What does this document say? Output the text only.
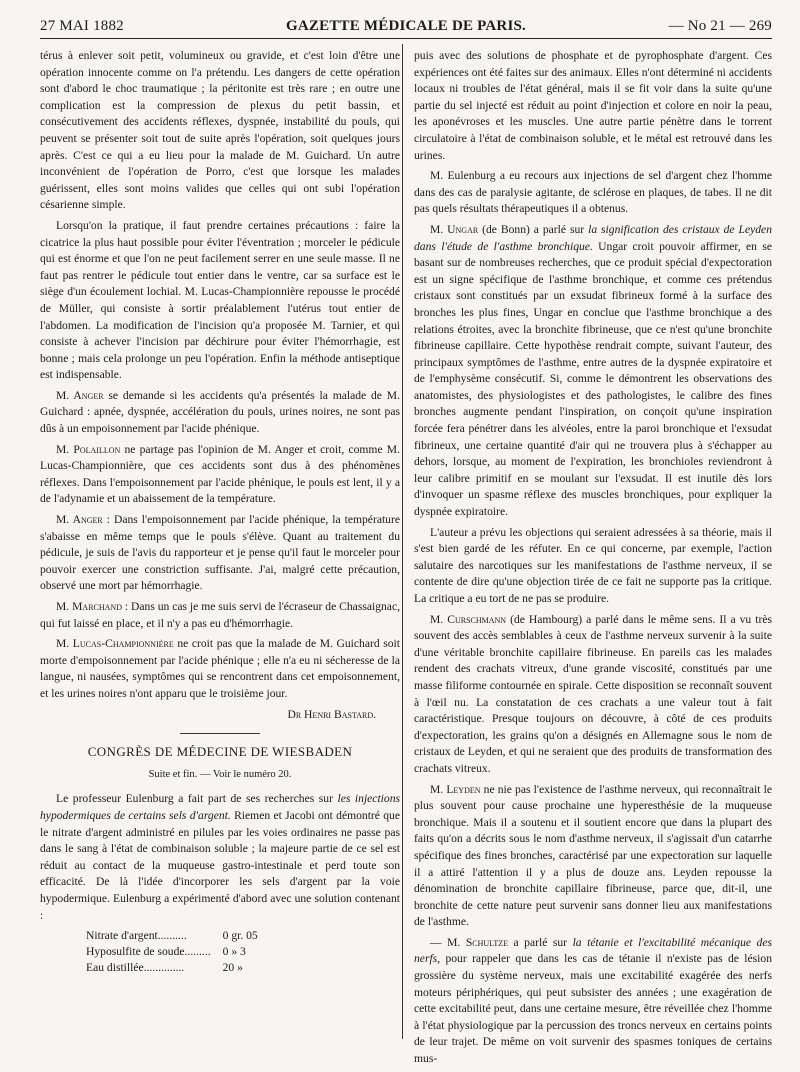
27 MAI 1882	GAZETTE MÉDICALE DE PARIS.	— No 21 — 269

térus à enlever soit petit, volumineux ou gravide, et c'est loin d'être une opération innocente comme on l'a prétendu. Les dangers de cette opération sont d'abord le choc traumatique ; la péritonite est très rare ; en outre une complication est la compression de plexus du petit bassin, et consécutivement des accidents réflexes, dyspnée, instabilité du pouls, qui peuvent se présenter soit tout de suite après l'opération, soit quelques jours après. C'est ce qui a eu lieu pour la malade de M. Guichard. Un autre inconvénient de l'opération de Porro, c'est que lorsque les malades guérissent, elles sont moins valides que celles qui ont subi l'opération césarienne simple.

Lorsqu'on la pratique, il faut prendre certaines précautions : faire la cicatrice la plus haut possible pour éviter l'éventration ; morceler le pédicule qui est énorme et que l'on ne peut facilement serrer en une seule masse. Il ne faut pas rentrer le pédicule tout entier dans le ventre, car sa surface est le siège d'un écoulement lochial. M. Lucas-Championnière repousse le procédé de Müller, qui consiste à sortir préalablement l'utérus tout entier de l'abdomen. La modification de l'incision qu'a proposée M. Tarnier, et qui consiste à achever l'incision par déchirure pour éviter l'hémorrhagie, est bonne ; mais cela prolonge un peu l'opération. Enfin la méthode antiseptique est indispensable.

M. Anger se demande si les accidents qu'a présentés la malade de M. Guichard : apnée, dyspnée, accélération du pouls, urines noires, ne sont pas dûs à un empoisonnement par l'acide phénique.

M. Polaillon ne partage pas l'opinion de M. Anger et croit, comme M. Lucas-Championnière, que ces accidents sont dus à des phénomènes réflexes. Dans l'empoisonnement par l'acide phénique, le pouls est lent, il y a de l'adynamie et un abaissement de la température.

M. Anger : Dans l'empoisonnement par l'acide phénique, la température s'abaisse en même temps que le pouls s'élève. Quant au traitement du pédicule, je suis de l'avis du rapporteur et je pense qu'il faut le morceler pour pouvoir exercer une constriction suffisante. J'ai, malgré cette précaution, observé une mort par hémorrhagie.

M. Marchand : Dans un cas je me suis servi de l'écraseur de Chassaignac, qui fut laissé en place, et il n'y a pas eu d'hémorrhagie.

M. Lucas-Championnière ne croit pas que la malade de M. Guichard soit morte d'empoisonnement par l'acide phénique ; elle n'a eu ni sécheresse de la langue, ni nausées, symptômes qui se rencontrent dans cet empoisonnement, et les urines noires n'ont apparu que le troisième jour.

Dr Henri Bastard.
CONGRÈS DE MÉDECINE DE WIESBADEN
Suite et fin. — Voir le numéro 20.

Le professeur Eulenburg a fait part de ses recherches sur les injections hypodermiques de certains sels d'argent. Riemen et Jacobi ont démontré que le nitrate d'argent administré en pilules par les voies ordinaires ne passe pas dans le sang à l'état de combinaison soluble ; la majeure partie de ce sel est réduit au contact de la muqueuse gastro-intestinale et perd toute son efficacité. De là l'idée d'incorporer les sels d'argent par la voie hypodermique. Eulenburg a expérimenté d'abord avec une solution contenant :

Nitrate d'argent..........	0 gr. 05
Hyposulfite de soude.........	0 » 3
Eau distillée..............	20 »

puis avec des solutions de phosphate et de pyrophosphate d'argent. Ces expériences ont été faites sur des animaux. Elles n'ont déterminé ni accidents locaux ni troubles de l'état général, mais il se fit voir dans la suite qu'une partie du sel injecté est réduit au point d'injection et colore en noir la peau, les aponévroses et les muscles. Une autre partie pénètre dans le torrent circulatoire à l'état de combinaison soluble, et le métal est retrouvé dans les urines.

M. Eulenburg a eu recours aux injections de sel d'argent chez l'homme dans des cas de paralysie agitante, de sclérose en plaques, de tabes. Il ne dit pas quels résultats thérapeutiques il a obtenus.

M. Ungar (de Bonn) a parlé sur la signification des cristaux de Leyden dans l'étude de l'asthme bronchique. Ungar croit pouvoir affirmer, en se basant sur de nombreuses recherches, que ce produit spécial d'expectoration est un signe spécifique de l'asthme bronchique, et comme ces prétendus cristaux sont constitués par un exsudat fibrineux formé à la surface des bronches les plus fines, Ungar en conclue que l'asthme bronchique a des relations étroites, avec la bronchite fibrineuse, que ce n'est qu'une bronchite fibrineuse capillaire. Cette hypothèse rendrait compte, suivant l'auteur, des principaux symptômes de l'asthme, entre autres de la dyspnée expiratoire et de l'emphysème consécutif. Si, comme le démontrent les observations des anatomistes, des physiologistes et des pathologistes, le calibre des fines bronches augmente pendant l'inspiration, on conçoit qu'une inspiration forcée fera pénétrer dans les alvéoles, entre la paroi bronchique et l'exsudat fibrineux, une certaine quantité d'air qui ne trouvera plus à s'échapper au dehors, lorsque, au moment de l'expiration, les bronchioles reviendront à leur calibre primitif en se moulant sur l'exsudat. Il est inutile dès lors d'invoquer un spasme réflexe des muscles bronchiques, pour expliquer la dyspnée expiratoire.

L'auteur a prévu les objections qui seraient adressées à sa théorie, mais il s'est bien gardé de les réfuter. En ce qui concerne, par exemple, l'action salutaire des narcotiques sur les manifestations de l'asthme nerveux, il se contente de dire qu'une objection tirée de ce fait ne supporte pas la critique. La critique a eu tort de ne pas se produire.

M. Curschmann (de Hambourg) a parlé dans le même sens. Il a vu très souvent des accès semblables à ceux de l'asthme nerveux survenir à la suite d'une véritable bronchite capillaire fibrineuse. En pareils cas les malades rendent des crachats vitreux, d'une grande viscosité, constitués par une masse filiforme contournée en spirale. Cette disposition se reconnaît souvent à l'œil nu. La constatation de ces crachats a une valeur tout à fait caractéristique. Presque toujours on découvre, à côté de ces produits d'expectoration, les grains qu'on a désignés en Allemagne sous le nom de cristaux de Leyden, et qui ne seraient que des produits de transformation des crachats vitreux.

M. Leyden ne nie pas l'existence de l'asthme nerveux, qui reconnaîtrait le plus souvent pour cause prochaine une hyperesthésie de la muqueuse bronchique. Mais il a soutenu et il soutient encore que dans la plupart des faits qu'on a décrits sous le nom d'asthme nerveux, il s'agissait d'un catarrhe spécifique des fines bronches, caractérisé par une expectoration sur laquelle il a attiré l'attention il y a plus de douze ans. Leyden repousse la dénomination de bronchite capillaire fibrineuse, parce que, dit-il, une bronchite de cette nature peut survenir sans donner lieu aux manifestations de l'asthme.

— M. Schultze a parlé sur la tétanie et l'excitabilité mécanique des nerfs, pour rappeler que dans les cas de tétanie il n'existe pas de lésion grossière du système nerveux, mais une excitabilité exagérée des nerfs moteurs périphériques, qui peut subsister des années ; une exagération de cette excitabilité peut, dans une certaine mesure, être réveillée chez l'homme à l'état physiologique par la percussion des troncs nerveux en certains points de leur trajet. De même on voit survenir des spasmes toniques de certains mus-
